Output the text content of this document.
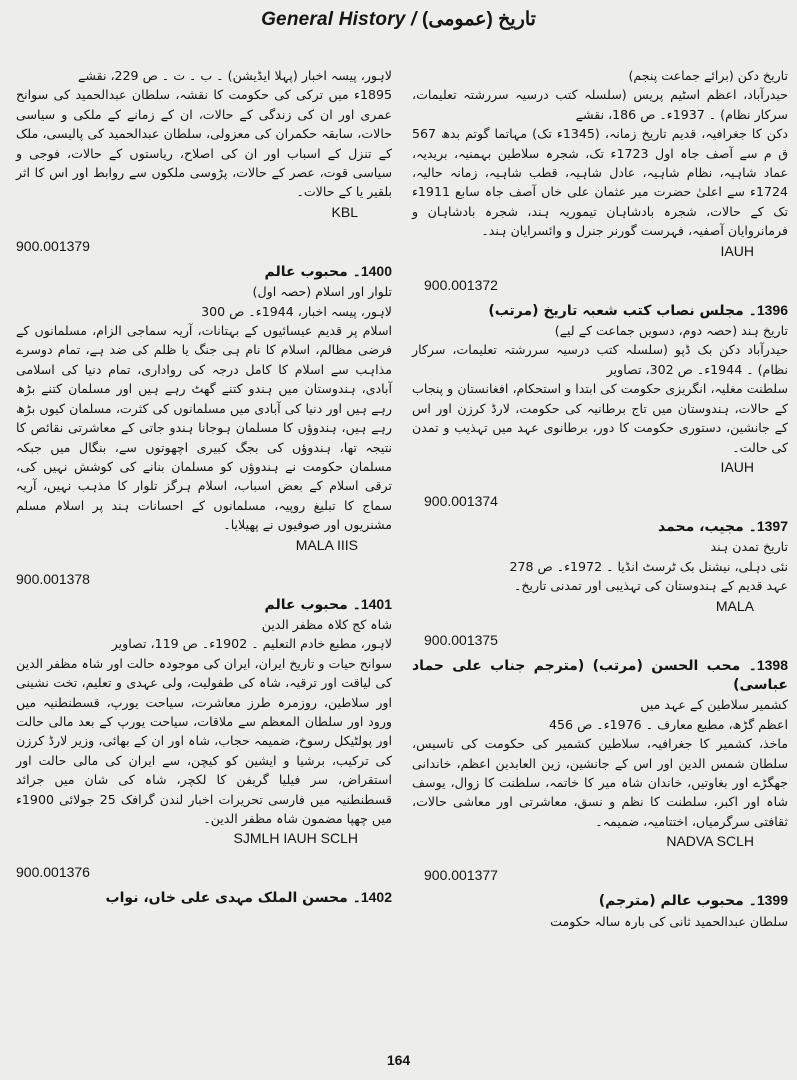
General History / تاریخ (عمومی)

لاہور، پیسہ اخبار (پہلا ایڈیشن) ۔ ب ۔ ت ۔ ص 229، نقشے

1895ء میں ترکی کی حکومت کا نقشہ، سلطان عبدالحمید کی سوانح عمری اور ان کی زندگی کے حالات، ان کے زمانے کے ملکی و سیاسی حالات، سابقہ حکمران کی معزولی، سلطان عبدالحمید کی پالیسی، ملک کے تنزل کے اسباب اور ان کی اصلاح، ریاستوں کے حالات، فوجی و سیاسی قوت، عصر کے حالات، پڑوسی ملکوں سے روابط اور اس کا اثر بلقیر یا کے حالات۔

KBL
900.001379

1400۔ محبوب عالم

تلوار اور اسلام (حصہ اول)

لاہور، پیسہ اخبار، 1944ء۔ ص 300

اسلام پر قدیم عیسائیوں کے بہتانات، آریہ سماجی الزام، مسلمانوں کے فرضی مظالم، اسلام کا نام ہی جنگ یا ظلم کی ضد ہے، تمام دوسرے مذاہب سے اسلام کا کامل درجہ کی رواداری، تمام دنیا کی اسلامی آبادی، ہندوستان میں ہندو کتنے گھٹ رہے ہیں اور مسلمان کتنے بڑھ رہے ہیں اور دنیا کی آبادی میں مسلمانوں کی کثرت، مسلمان کیوں بڑھ رہے ہیں، ہندوؤں کا مسلمان ہوجانا ہندو جاتی کے معاشرتی نقائص کا نتیجہ تھا، ہندوؤں کی بجگ کبیری اچھوتوں سے، بنگال میں جبکہ مسلمان حکومت نے ہندوؤں کو مسلمان بنانے کی کوشش نہیں کی، ترقی اسلام کے بعض اسباب، اسلام ہرگز تلوار کا مذہب نہیں، آریہ سماج کا تبلیغ روپیہ، مسلمانوں کے احسانات ہند پر اسلام مسلم مشنریوں اور صوفیوں نے پھیلایا۔

MALA IIIS
900.001378

1401۔ محبوب عالم

شاہ کج کلاہ مظفر الدین

لاہور، مطبع خادم التعلیم ۔ 1902ء۔ ص 119، تصاویر

سوانح حیات و تاریخ ایران، ایران کی موجودہ حالت اور شاہ مظفر الدین کی لیاقت اور ترقیہ، شاہ کی طفولیت، ولی عہدی و تعلیم، تخت نشینی اور سلاطین، روزمرہ طرز معاشرت، سیاحت یورپ، قسطنطنیہ میں ورود اور سلطان المعظم سے ملاقات، سیاحت یورپ کے بعد مالی حالت اور پولٹیکل رسوخ، ضمیمہ حجاب، شاہ اور ان کے بھائی، وزیر لارڈ کرزن کی ترکیب، برشیا و ایشین کو کیچن، سے ایران کی مالی حالت اور استقراض، سر فیلیا گریفن کا لکچر، شاہ کی شان میں جرائد قسطنطنیہ میں فارسی تحریرات اخبار لندن گرافک 25 جولائی 1900ء میں چھپا مضمون شاہ مظفر الدین۔

SJMLH IAUH SCLH
900.001376

1402۔ محسن الملک مہدی علی خاں، نواب

تاریخ دکن (برائے جماعت پنجم)

حیدرآباد، اعظم اسٹیم پریس (سلسلہ کتب درسیہ سررشتہ تعلیمات، سرکار نظام) ۔ 1937ء۔ ص 186، نقشے

دکن کا جغرافیہ، قدیم تاریخ زمانہ، (1345ء تک) مہاتما گوتم بدھ 567 ق م سے آصف جاہ اول 1723ء تک، شجرہ سلاطین بہمنیہ، بریدیہ، عماد شاہیہ، نظام شاہیہ، عادل شاہیہ، قطب شاہیہ، زمانہ حالیہ، 1724ء سے اعلیٰ حضرت میر عثمان علی خاں آصف جاہ سابع 1911ء تک کے حالات، شجرہ بادشاہان تیموریہ ہند، شجرہ بادشاہان و فرمانروایان آصفیہ، فہرست گورنر جنرل و وائسرایان ہند۔

IAUH
900.001372

1396۔ مجلس نصاب کتب شعبہ تاریخ (مرتب)

تاریخ ہند (حصہ دوم، دسویں جماعت کے لیے)

حیدرآباد دکن بک ڈپو (سلسلہ کتب درسیہ سررشتہ تعلیمات، سرکار نظام) ۔ 1944ء۔ ص 302، تصاویر

سلطنت مغلیہ، انگریزی حکومت کی ابتدا و استحکام، افغانستان و پنجاب کے حالات، ہندوستان میں تاج برطانیہ کی حکومت، لارڈ کرزن اور اس کے جانشین، دستوری حکومت کا دور، برطانوی عہد میں تہذیب و تمدن کی حالت۔

IAUH
900.001374

1397۔ مجیب، محمد

تاریخ تمدن ہند

نئی دہلی، نیشنل بک ٹرسٹ انڈیا ۔ 1972ء۔ ص 278

عہد قدیم کے ہندوستان کی تہذیبی اور تمدنی تاریخ۔

MALA
900.001375

1398۔ محب الحسن (مرتب) (مترجم جناب علی حماد عباسی)

کشمیر سلاطین کے عہد میں

اعظم گڑھ، مطبع معارف ۔ 1976ء۔ ص 456

ماخذ، کشمیر کا جغرافیہ، سلاطین کشمیر کی حکومت کی تاسیس، سلطان شمس الدین اور اس کے جانشین، زین العابدین اعظم، خاندانی جھگڑے اور بغاوتیں، خاندان شاہ میر کا خاتمہ، سلطنت کا زوال، یوسف شاہ اور اکبر، سلطنت کا نظم و نسق، معاشرتی اور معاشی حالات، ثقافتی سرگرمیاں، اختتامیہ، ضمیمہ۔

NADVA SCLH
900.001377

1399۔ محبوب عالم (مترجم)

سلطان عبدالحمید ثانی کی بارہ سالہ حکومت

164
